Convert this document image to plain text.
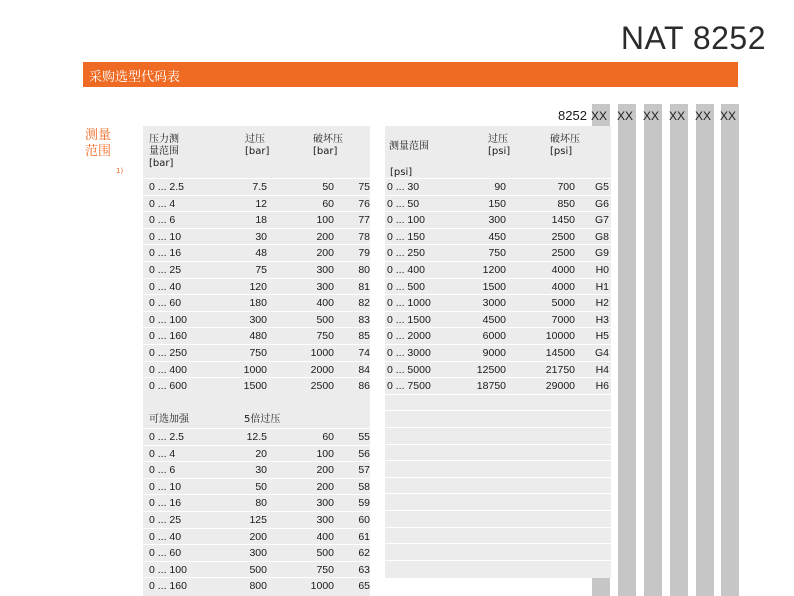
NAT 8252
采购选型代码表
8252 XX XX XX XX XX XX
测量
范围
1)
压力测
量范围
[bar]
过压
[bar]
破坏压
[bar]
0 ... 2.5	7.5	50 75
0 ... 4	12	60 76
0 ... 6	18	100 77
0 ... 10	30	200 78
0 ... 16	48	200 79
0 ... 25	75	300 80
0 ... 40	120	300 81
0 ... 60	180	400 82
0 ... 100	300	500 83
0 ... 160	480	750 85
0 ... 250	750	1000 74
0 ... 400	1000	2000 84
0 ... 600	1500	2500 86
可选加强	5倍过压
0 ... 2.5	12.5	60 55
0 ... 4	20	100 56
0 ... 6	30	200 57
0 ... 10	50	200 58
0 ... 16	80	300 59
0 ... 25	125	300 60
0 ... 40	200	400 61
0 ... 60	300	500 62
0 ... 100	500	750 63
0 ... 160	800	1000 65
测量范围
[psi]
过压
[psi]
破坏压
[psi]
0 ... 30	90	700 G5
0 ... 50	150	850 G6
0 ... 100	300	1450 G7
0 ... 150	450	2500 G8
0 ... 250	750	2500 G9
0 ... 400	1200	4000 H0
0 ... 500	1500	4000 H1
0 ... 1000	3000	5000 H2
0 ... 1500	4500	7000 H3
0 ... 2000	6000	10000 H5
0 ... 3000	9000	14500 G4
0 ... 5000	12500	21750 H4
0 ... 7500	18750	29000 H6
